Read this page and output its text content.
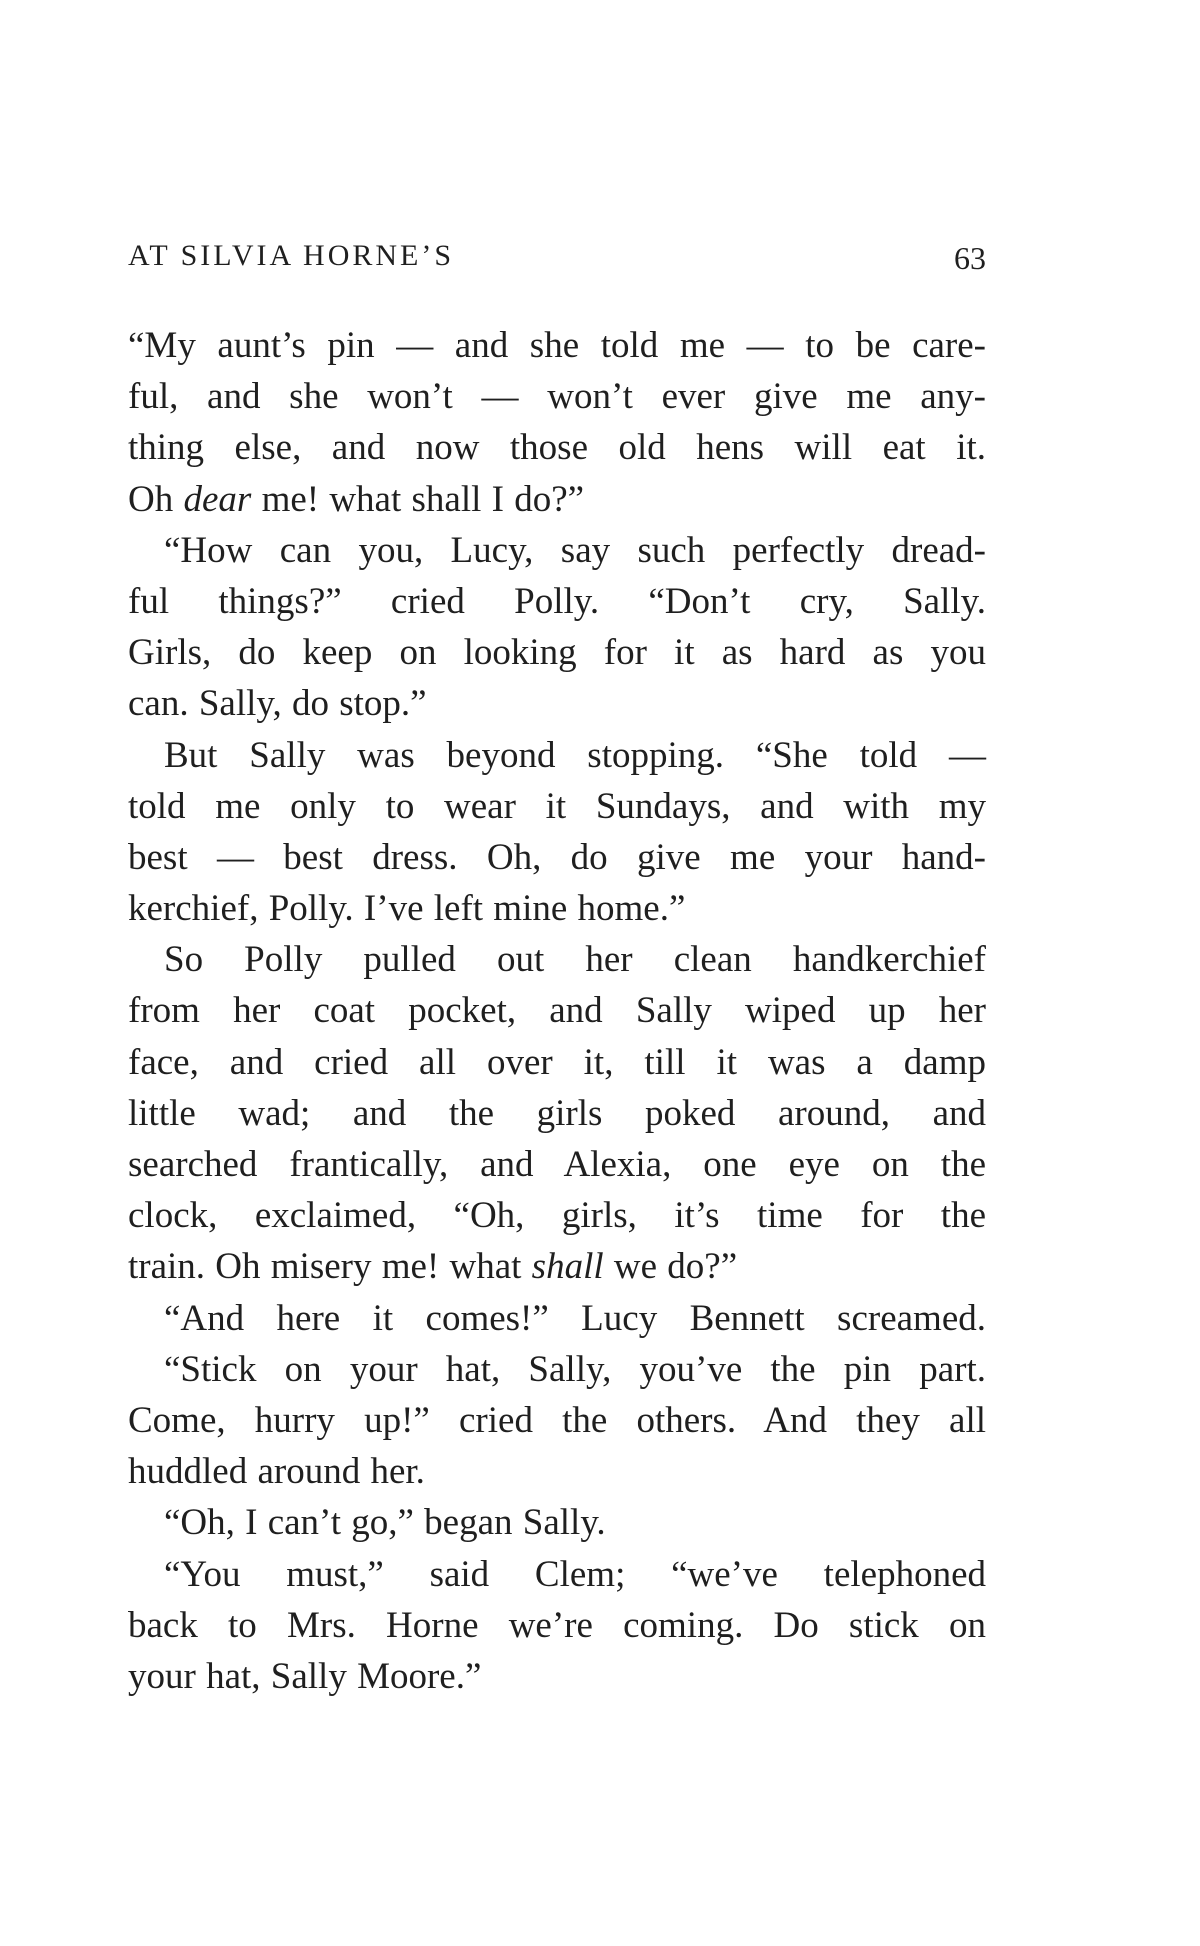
AT SILVIA HORNE’S	63
“My aunt’s pin — and she told me — to be care-
ful, and she won’t — won’t ever give me any-
thing else, and now those old hens will eat it.
Oh dear me! what shall I do?”
“How can you, Lucy, say such perfectly dread-
ful things?” cried Polly. “Don’t cry, Sally.
Girls, do keep on looking for it as hard as you
can. Sally, do stop.”
But Sally was beyond stopping. “She told —
told me only to wear it Sundays, and with my
best — best dress. Oh, do give me your hand-
kerchief, Polly. I’ve left mine home.”
So Polly pulled out her clean handkerchief
from her coat pocket, and Sally wiped up her
face, and cried all over it, till it was a damp
little wad; and the girls poked around, and
searched frantically, and Alexia, one eye on the
clock, exclaimed, “Oh, girls, it’s time for the
train. Oh misery me! what shall we do?”
“And here it comes!” Lucy Bennett screamed.
“Stick on your hat, Sally, you’ve the pin part.
Come, hurry up!” cried the others. And they all
huddled around her.
“Oh, I can’t go,” began Sally.
“You must,” said Clem; “we’ve telephoned
back to Mrs. Horne we’re coming. Do stick on
your hat, Sally Moore.”
